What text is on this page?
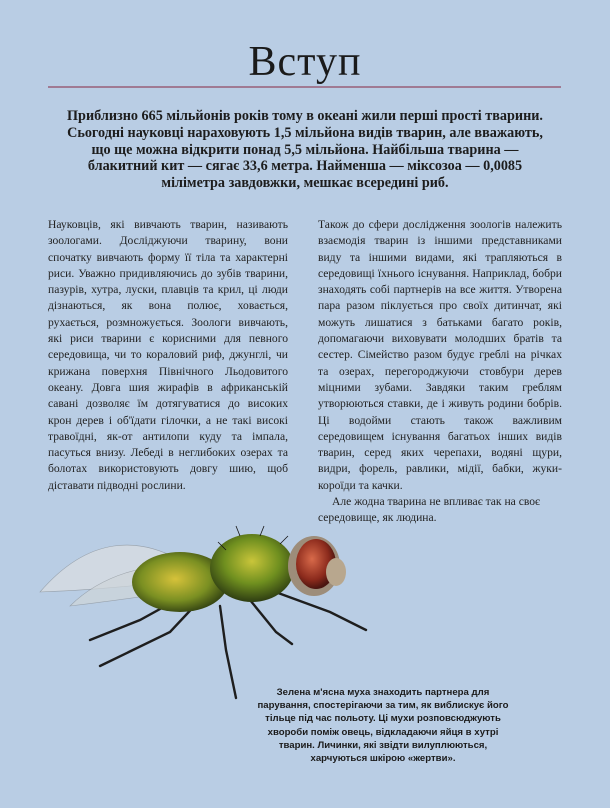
Вступ
Приблизно 665 мільйонів років тому в океані жили перші прості тварини. Сьогодні науковці нараховують 1,5 мільйона видів тварин, але вважають, що ще можна відкрити понад 5,5 мільйона. Найбільша тварина — блакитний кит — сягає 33,6 метра. Найменша — міксозоа — 0,0085 міліметра завдовжки, мешкає всередині риб.

Науковців, які вивчають тварин, називають зоологами. Досліджуючи тварину, вони спочатку вивчають форму її тіла та характерні риси. Уважно придивляючись до зубів тварини, пазурів, хутра, луски, плавців та крил, ці люди дізнаються, як вона полює, ховається, рухається, розмножується. Зоологи вивчають, які риси тварини є корисними для певного середовища, чи то кораловий риф, джунглі, чи крижана поверхня Північного Льодовитого океану. Довга шия жирафів в африканській савані дозволяє їм дотягуватися до високих крон дерев і об'їдати гілочки, а не такі високі травоїдні, як-от антилопи куду та імпала, пасуться внизу. Лебеді в неглибоких озерах та болотах використовують довгу шию, щоб діставати підводні рослини.

Також до сфери дослідження зоологів належить взаємодія тварин із іншими представниками виду та іншими видами, які трапляються в середовищі їхнього існування. Наприклад, бобри знаходять собі партнерів на все життя. Утворена пара разом піклується про своїх дитинчат, які можуть лишатися з батьками багато років, допомагаючи виховувати молодших братів та сестер. Сімейство разом будує греблі на річках та озерах, перегороджуючи стовбури дерев міцними зубами. Завдяки таким греблям утворюються ставки, де і живуть родини бобрів. Ці водойми стають також важливим середовищем існування багатьох інших видів тварин, серед яких черепахи, водяні щури, видри, форель, равлики, мідії, бабки, жуки-короїди та качки.

Але жодна тварина не впливає так на своє середовище, як людина.

Зелена м'ясна муха знаходить партнера для парування, спостерігаючи за тим, як виблискує його тільце під час польоту. Ці мухи розповсюджують хвороби поміж овець, відкладаючи яйця в хутрі тварин. Личинки, які звідти вилуплюються, харчуються шкірою «жертви».
